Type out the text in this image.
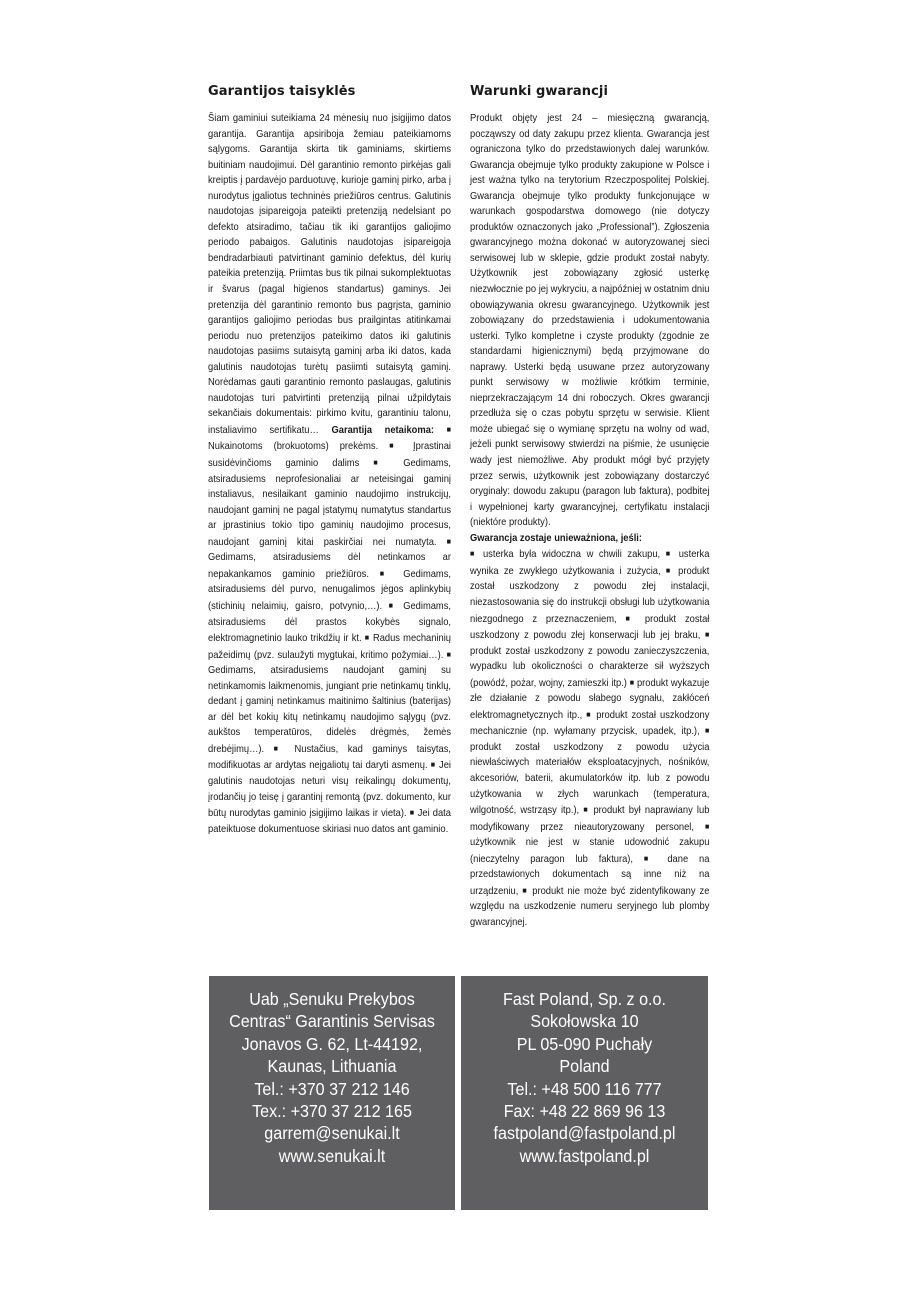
Garantijos taisyklės
Šiam gaminiui suteikiama 24 mėnesių nuo įsigijimo datos garantija. Garantija apsiriboja žemiau pateikiamoms sąlygoms. Garantija skirta tik gaminiams, skirtiems buitiniam naudojimui. Dėl garantinio remonto pirkėjas gali kreiptis į pardavėjo parduotuvę, kurioje gaminį pirko, arba į nurodytus įgaliotus techninės priežiūros centrus. Galutinis naudotojas įsipareigoja pateikti pretenziją nedelsiant po defekto atsiradimo, tačiau tik iki garantijos galiojimo periodo pabaigos. Galutinis naudotojas įsipareigoja bendradarbiauti patvirtinant gaminio defektus, dėl kurių pateikia pretenziją. Priimtas bus tik pilnai sukomplektuotas ir švarus (pagal higienos standartus) gaminys. Jei pretenzija dėl garantinio remonto bus pagrįsta, gaminio garantijos galiojimo periodas bus prailgintas atitinkamai periodu nuo pretenzijos pateikimo datos iki galutinis naudotojas pasiims sutaisytą gaminį arba iki datos, kada galutinis naudotojas turėtų pasiimti sutaisytą gaminį. Norėdamas gauti garantinio remonto paslaugas, galutinis naudotojas turi patvirtinti pretenziją pilnai užpildytais sekančiais dokumentais: pirkimo kvitu, garantiniu talonu, instaliavimo sertifikatu… Garantija netaikoma: ■ Nukainotoms (brokuotoms) prekėms. ■ Įprastinai susidėvinčioms gaminio dalims ■ Gedimams, atsiradusiems neprofesionaliai ar neteisingai gaminį instaliavus, nesilaikant gaminio naudojimo instrukcijų, naudojant gaminį ne pagal įstatymų numatytus standartus ar įprastinius tokio tipo gaminių naudojimo procesus, naudojant gaminį kitai paskirčiai nei numatyta. ■ Gedimams, atsiradusiems dėl netinkamos ar nepakankamos gaminio priežiūros. ■ Gedimams, atsiradusiems dėl purvo, nenugalimos jėgos aplinkybių (stichinių nelaimių, gaisro, potvynio,…). ■ Gedimams, atsiradusiems dėl prastos kokybės signalo, elektromagnetinio lauko trikdžių ir kt. ■ Radus mechaninių pažeidimų (pvz. sulaužyti mygtukai, kritimo požymiai…). ■ Gedimams, atsiradusiems naudojant gaminį su netinkamomis laikmenomis, jungiant prie netinkamų tinklų, dedant į gaminį netinkamus maitinimo šaltinius (baterijas) ar dėl bet kokių kitų netinkamų naudojimo sąlygų (pvz. aukštos temperatūros, didelės drėgmės, žemės drebėjimų…). ■ Nustačius, kad gaminys taisytas, modifikuotas ar ardytas neįgaliotų tai daryti asmenų. ■ Jei galutinis naudotojas neturi visų reikalingų dokumentų, įrodančių jo teisę į garantinį remontą (pvz. dokumento, kur būtų nurodytas gaminio įsigijimo laikas ir vieta). ■ Jei data pateiktuose dokumentuose skiriasi nuo datos ant gaminio.
Warunki gwarancji
Produkt objęty jest 24 – miesięczną gwarancją, począwszy od daty zakupu przez klienta. Gwarancja jest ograniczona tylko do przedstawionych dalej warunków. Gwarancja obejmuje tylko produkty zakupione w Polsce i jest ważna tylko na terytorium Rzeczpospolitej Polskiej. Gwarancja obejmuje tylko produkty funkcjonujące w warunkach gospodarstwa domowego (nie dotyczy produktów oznaczonych jako „Professional”). Zgłoszenia gwarancyjnego można dokonać w autoryzowanej sieci serwisowej lub w sklepie, gdzie produkt został nabyty. Użytkownik jest zobowiązany zgłosić usterkę niezwłocznie po jej wykryciu, a najpóźniej w ostatnim dniu obowiązywania okresu gwarancyjnego. Użytkownik jest zobowiązany do przedstawienia i udokumentowania usterki. Tylko kompletne i czyste produkty (zgodnie ze standardami higienicznymi) będą przyjmowane do naprawy. Usterki będą usuwane przez autoryzowany punkt serwisowy w możliwie krótkim terminie, nieprzekraczającym 14 dni roboczych. Okres gwarancji przedłuża się o czas pobytu sprzętu w serwisie. Klient może ubiegać się o wymianę sprzętu na wolny od wad, jeżeli punkt serwisowy stwierdzi na piśmie, że usunięcie wady jest niemożliwe. Aby produkt mógł być przyjęty przez serwis, użytkownik jest zobowiązany dostarczyć oryginały: dowodu zakupu (paragon lub faktura), podbitej i wypełnionej karty gwarancyjnej, certyfikatu instalacji (niektóre produkty).
Gwarancja zostaje unieważniona, jeśli:
■ usterka była widoczna w chwili zakupu, ■ usterka wynika ze zwykłego użytkowania i zużycia, ■ produkt został uszkodzony z powodu złej instalacji, niezastosowania się do instrukcji obsługi lub użytkowania niezgodnego z przeznaczeniem, ■ produkt został uszkodzony z powodu złej konserwacji lub jej braku, ■ produkt został uszkodzony z powodu zanieczyszczenia, wypadku lub okoliczności o charakterze sił wyższych (powódź, pożar, wojny, zamieszki itp.) ■ produkt wykazuje złe działanie z powodu słabego sygnału, zakłóceń elektromagnetycznych itp., ■ produkt został uszkodzony mechanicznie (np. wyłamany przycisk, upadek, itp.), ■ produkt został uszkodzony z powodu użycia niewłaściwych materiałów eksploatacyjnych, nośników, akcesoriów, baterii, akumulatorków itp. lub z powodu użytkowania w złych warunkach (temperatura, wilgotność, wstrząsy itp.), ■ produkt był naprawiany lub modyfikowany przez nieautoryzowany personel, ■ użytkownik nie jest w stanie udowodnić zakupu (nieczytelny paragon lub faktura), ■ dane na przedstawionych dokumentach są inne niż na urządzeniu, ■ produkt nie może być zidentyfikowany ze względu na uszkodzenie numeru seryjnego lub plomby gwarancyjnej.
Uab „Senuku Prekybos
Centras“ Garantinis Servisas
Jonavos G. 62, Lt-44192,
Kaunas, Lithuania
Tel.: +370 37 212 146
Tex.: +370 37 212 165
garrem@senukai.lt
www.senukai.lt
Fast Poland, Sp. z o.o.
Sokołowska 10
PL 05-090 Puchały
Poland
Tel.: +48 500 116 777
Fax: +48 22 869 96 13
fastpoland@fastpoland.pl
www.fastpoland.pl
